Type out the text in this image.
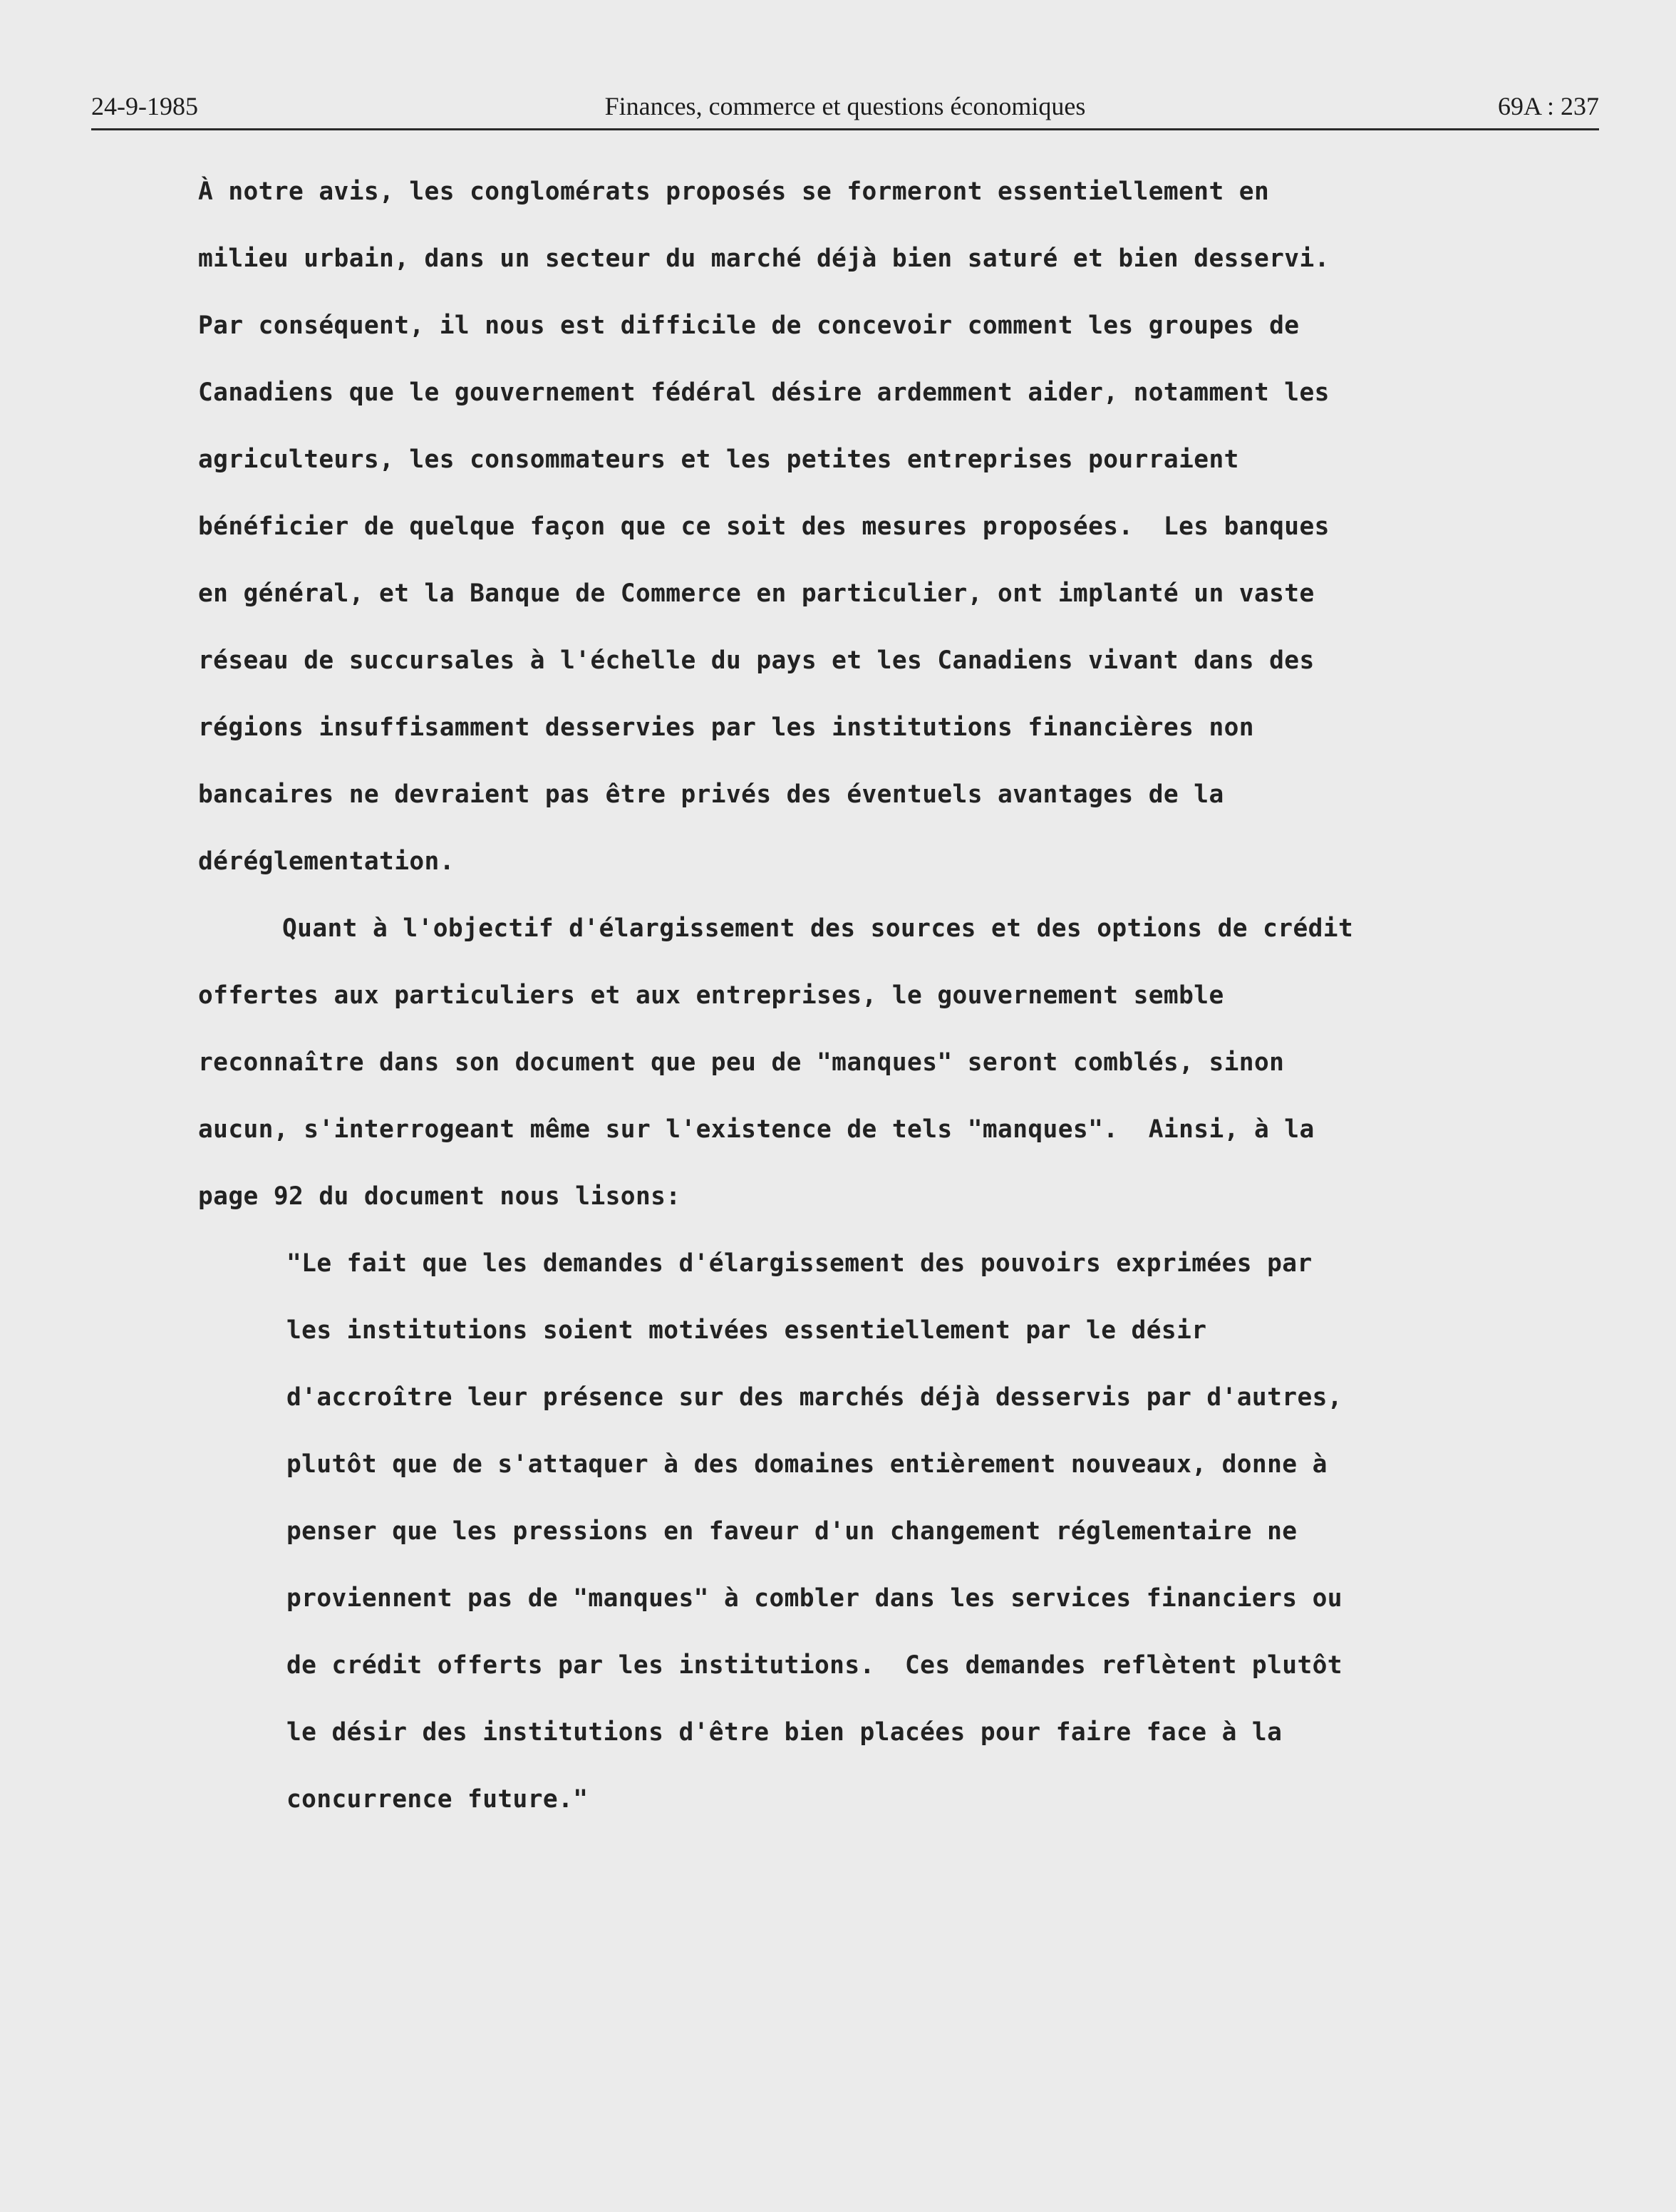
24-9-1985	Finances, commerce et questions économiques	69A : 237
À notre avis, les conglomérats proposés se formeront essentiellement en
milieu urbain, dans un secteur du marché déjà bien saturé et bien desservi.
Par conséquent, il nous est difficile de concevoir comment les groupes de
Canadiens que le gouvernement fédéral désire ardemment aider, notamment les
agriculteurs, les consommateurs et les petites entreprises pourraient
bénéficier de quelque façon que ce soit des mesures proposées.  Les banques
en général, et la Banque de Commerce en particulier, ont implanté un vaste
réseau de succursales à l'échelle du pays et les Canadiens vivant dans des
régions insuffisamment desservies par les institutions financières non
bancaires ne devraient pas être privés des éventuels avantages de la
déréglementation.
Quant à l'objectif d'élargissement des sources et des options de crédit
offertes aux particuliers et aux entreprises, le gouvernement semble
reconnaître dans son document que peu de "manques" seront comblés, sinon
aucun, s'interrogeant même sur l'existence de tels "manques".  Ainsi, à la
page 92 du document nous lisons:
"Le fait que les demandes d'élargissement des pouvoirs exprimées par
les institutions soient motivées essentiellement par le désir
d'accroître leur présence sur des marchés déjà desservis par d'autres,
plutôt que de s'attaquer à des domaines entièrement nouveaux, donne à
penser que les pressions en faveur d'un changement réglementaire ne
proviennent pas de "manques" à combler dans les services financiers ou
de crédit offerts par les institutions.  Ces demandes reflètent plutôt
le désir des institutions d'être bien placées pour faire face à la
concurrence future."
